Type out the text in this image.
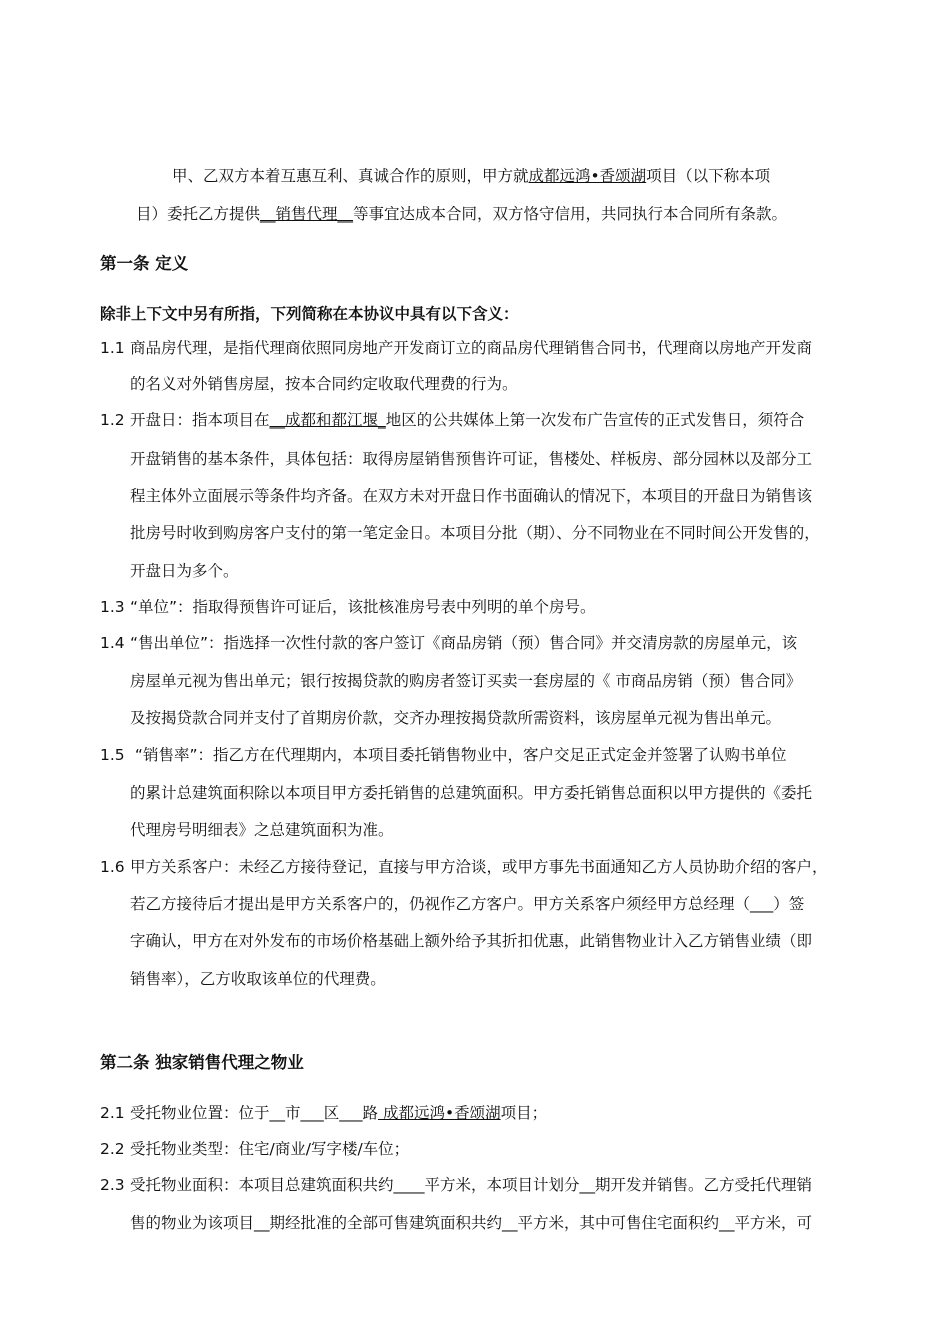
甲、乙双方本着互惠互利、真诚合作的原则，甲方就成都远鸿•香颂湖项目（以下称本项
目）委托乙方提供__销售代理__等事宜达成本合同，双方恪守信用，共同执行本合同所有条款。
第一条 定义
除非上下文中另有所指，下列简称在本协议中具有以下含义：
1.1 商品房代理，是指代理商依照同房地产开发商订立的商品房代理销售合同书，代理商以房地产开发商
的名义对外销售房屋，按本合同约定收取代理费的行为。
1.2 开盘日：指本项目在__成都和都江堰_地区的公共媒体上第一次发布广告宣传的正式发售日，须符合
开盘销售的基本条件，具体包括：取得房屋销售预售许可证，售楼处、样板房、部分园林以及部分工
程主体外立面展示等条件均齐备。在双方未对开盘日作书面确认的情况下，本项目的开盘日为销售该
批房号时收到购房客户支付的第一笔定金日。本项目分批（期）、分不同物业在不同时间公开发售的，
开盘日为多个。
1.3 “单位”：指取得预售许可证后，该批核准房号表中列明的单个房号。
1.4 “售出单位”：指选择一次性付款的客户签订《商品房销（预）售合同》并交清房款的房屋单元，该
房屋单元视为售出单元；银行按揭贷款的购房者签订买卖一套房屋的《 市商品房销（预）售合同》
及按揭贷款合同并支付了首期房价款，交齐办理按揭贷款所需资料，该房屋单元视为售出单元。
1.5 “销售率”：指乙方在代理期内，本项目委托销售物业中，客户交足正式定金并签署了认购书单位
的累计总建筑面积除以本项目甲方委托销售的总建筑面积。甲方委托销售总面积以甲方提供的《委托
代理房号明细表》之总建筑面积为准。
1.6 甲方关系客户：未经乙方接待登记，直接与甲方洽谈，或甲方事先书面通知乙方人员协助介绍的客户，
若乙方接待后才提出是甲方关系客户的，仍视作乙方客户。甲方关系客户须经甲方总经理（___）签
字确认，甲方在对外发布的市场价格基础上额外给予其折扣优惠，此销售物业计入乙方销售业绩（即
销售率），乙方收取该单位的代理费。
第二条 独家销售代理之物业
2.1 受托物业位置：位于__市___区___路 成都远鸿•香颂湖项目；
2.2 受托物业类型：住宅/商业/写字楼/车位；
2.3 受托物业面积：本项目总建筑面积共约____平方米，本项目计划分__期开发并销售。乙方受托代理销
售的物业为该项目__期经批准的全部可售建筑面积共约__平方米，其中可售住宅面积约__平方米，可
